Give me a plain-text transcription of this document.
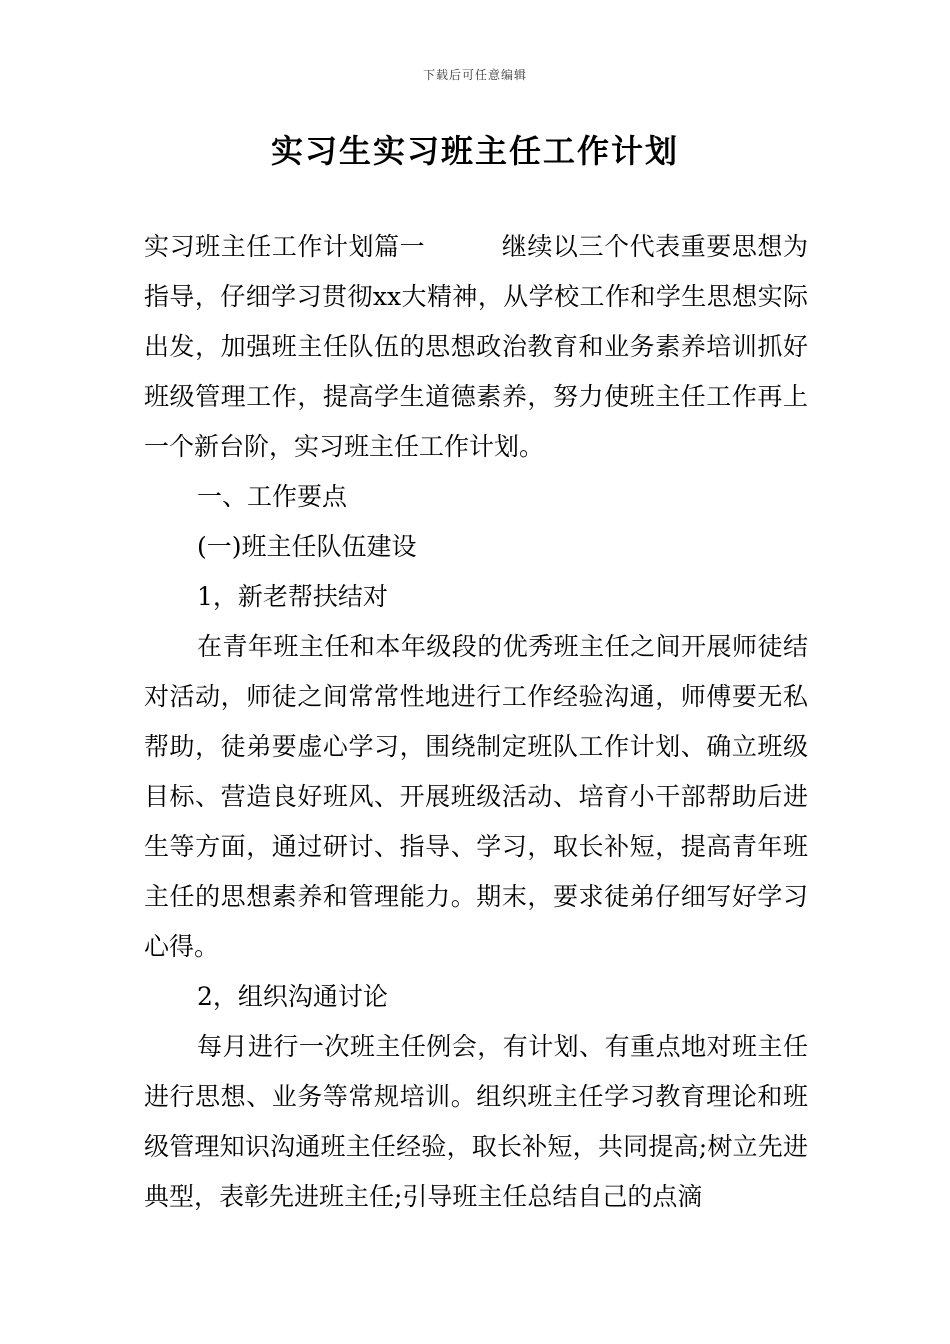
下载后可任意编辑
实习生实习班主任工作计划

实习班主任工作计划篇一	继续以三个代表重要思想为指导，仔细学习贯彻xx大精神，从学校工作和学生思想实际出发，加强班主任队伍的思想政治教育和业务素养培训抓好班级管理工作，提高学生道德素养，努力使班主任工作再上一个新台阶，实习班主任工作计划。

一、工作要点

(一)班主任队伍建设

1，新老帮扶结对

在青年班主任和本年级段的优秀班主任之间开展师徒结对活动，师徒之间常常性地进行工作经验沟通，师傅要无私帮助，徒弟要虚心学习，围绕制定班队工作计划、确立班级目标、营造良好班风、开展班级活动、培育小干部帮助后进生等方面，通过研讨、指导、学习，取长补短，提高青年班主任的思想素养和管理能力。期末，要求徒弟仔细写好学习心得。

2，组织沟通讨论

每月进行一次班主任例会，有计划、有重点地对班主任进行思想、业务等常规培训。组织班主任学习教育理论和班级管理知识沟通班主任经验，取长补短，共同提高;树立先进典型，表彰先进班主任;引导班主任总结自己的点滴
